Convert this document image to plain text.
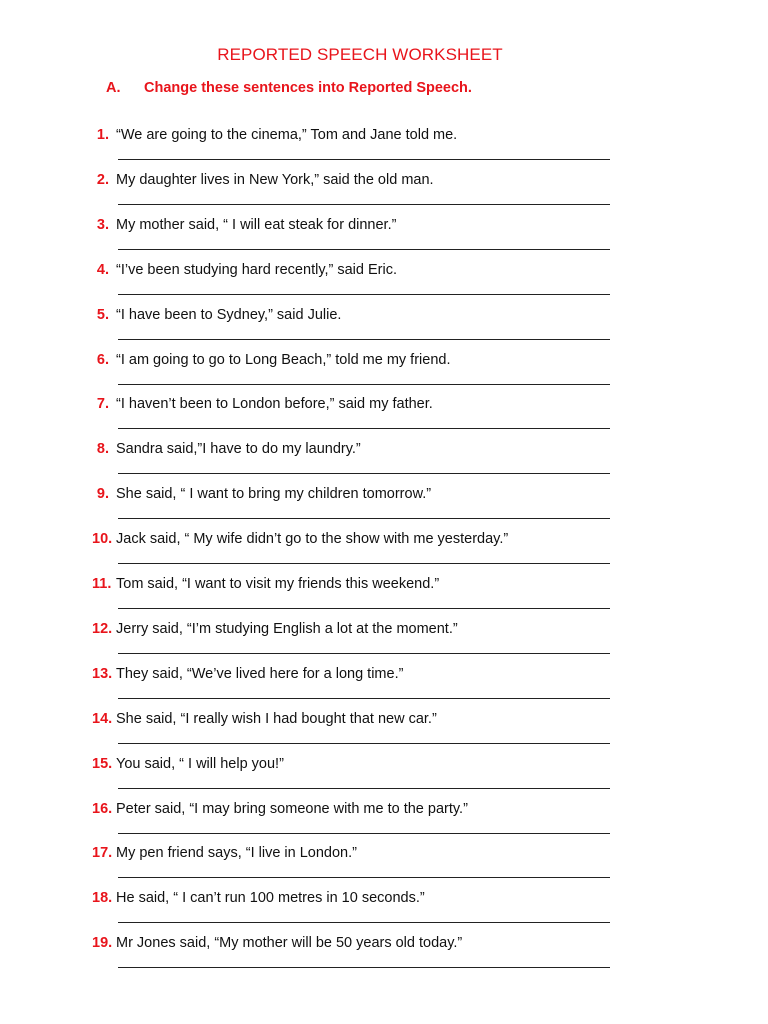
REPORTED SPEECH WORKSHEET
A. Change these sentences into Reported Speech.
1. “We are going to the cinema,” Tom and Jane told me.
2. My daughter lives in New York,” said the old man.
3. My mother said, “ I will eat steak for dinner.”
4. “I’ve been studying hard recently,” said Eric.
5. “I have been to Sydney,” said Julie.
6. “I am going to go to Long Beach,” told me my friend.
7. “I haven’t been to London before,” said my father.
8. Sandra said,”I have to do my laundry.”
9. She said, “ I want to bring my children tomorrow.”
10. Jack said, “ My wife didn’t go to the show with me yesterday.”
11. Tom said, “I want to visit my friends this weekend.”
12. Jerry said, “I’m studying English a lot at the moment.”
13. They said, “We’ve lived here for a long time.”
14. She said, “I really wish I had bought that new car.”
15. You said, “ I will help you!”
16. Peter said, “I may bring someone with me to the party.”
17. My pen friend says, “I live in London.”
18. He said, “ I can’t run 100 metres in 10 seconds.”
19. Mr Jones said, “My mother will be 50 years old today.”
